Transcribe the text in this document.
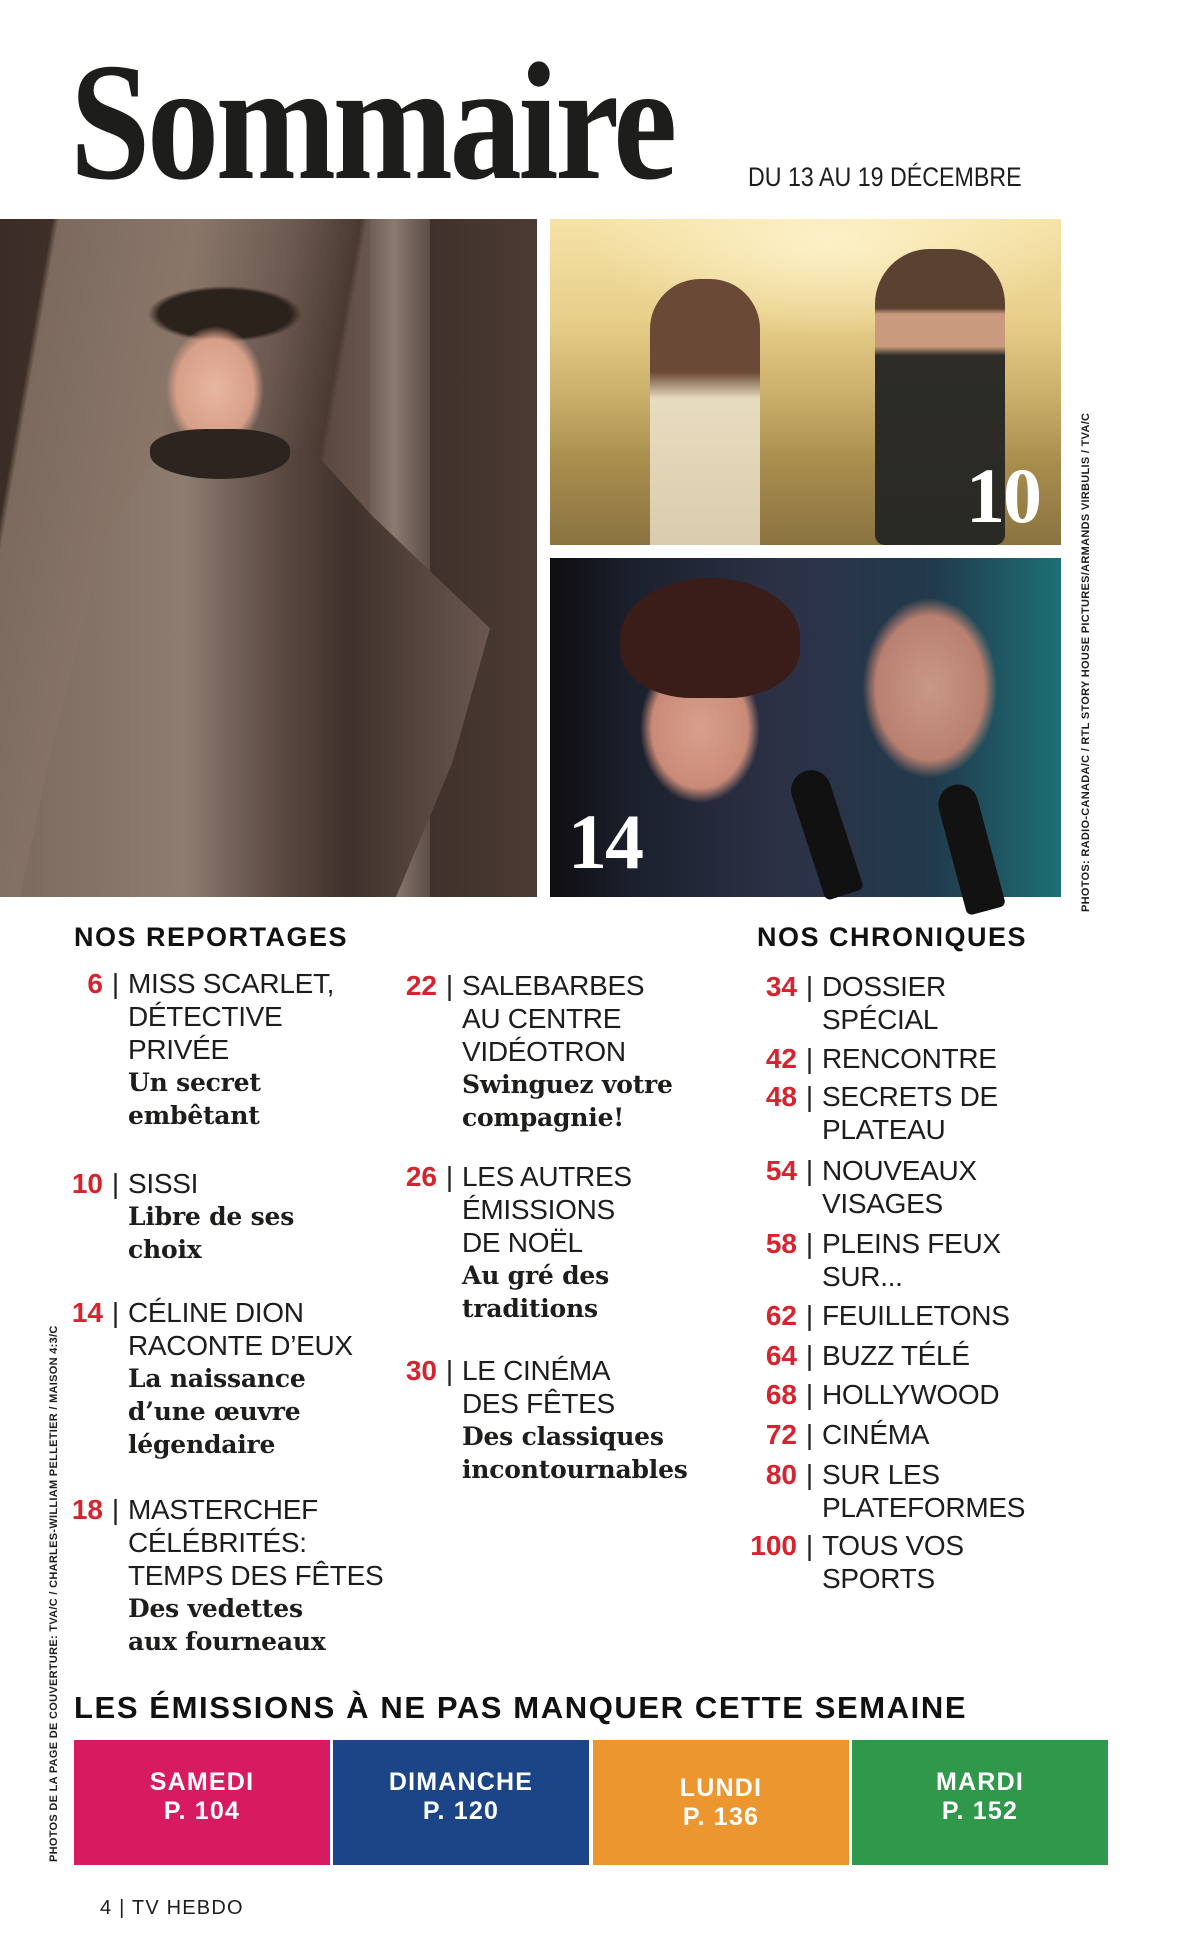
Sommaire	DU 13 AU 19 DÉCEMBRE
6
10
14	PHOTOS: RADIO-CANADA/C / RTL STORY HOUSE PICTURES/ARMANDS VIRBULIS / TVA/C
PHOTOS DE LA PAGE DE COUVERTURE: TVA/C / CHARLES-WILLIAM PELLETIER / MAISON 4:3/C
NOS REPORTAGES
6 | MISS SCARLET,
DÉTECTIVE
PRIVÉE
Un secret
embêtant
10 | SISSI
Libre de ses
choix
14 | CÉLINE DION
RACONTE D’EUX
La naissance
d’une œuvre
légendaire
18 | MASTERCHEF
CÉLÉBRITÉS:
TEMPS DES FÊTES
Des vedettes
aux fourneaux
22 | SALEBARBES
AU CENTRE
VIDÉOTRON
Swinguez votre
compagnie!
26 | LES AUTRES
ÉMISSIONS
DE NOËL
Au gré des
traditions
30 | LE CINÉMA
DES FÊTES
Des classiques
incontournables
NOS CHRONIQUES
34 | DOSSIER
SPÉCIAL
42 | RENCONTRE
48 | SECRETS DE
PLATEAU
54 | NOUVEAUX
VISAGES
58 | PLEINS FEUX
SUR...
62 | FEUILLETONS
64 | BUZZ TÉLÉ
68 | HOLLYWOOD
72 | CINÉMA
80 | SUR LES
PLATEFORMES
100 | TOUS VOS
SPORTS
LES ÉMISSIONS À NE PAS MANQUER CETTE SEMAINE
SAMEDI
P. 104
DIMANCHE
P. 120
LUNDI
P. 136
MARDI
P. 152
4 | TV HEBDO
